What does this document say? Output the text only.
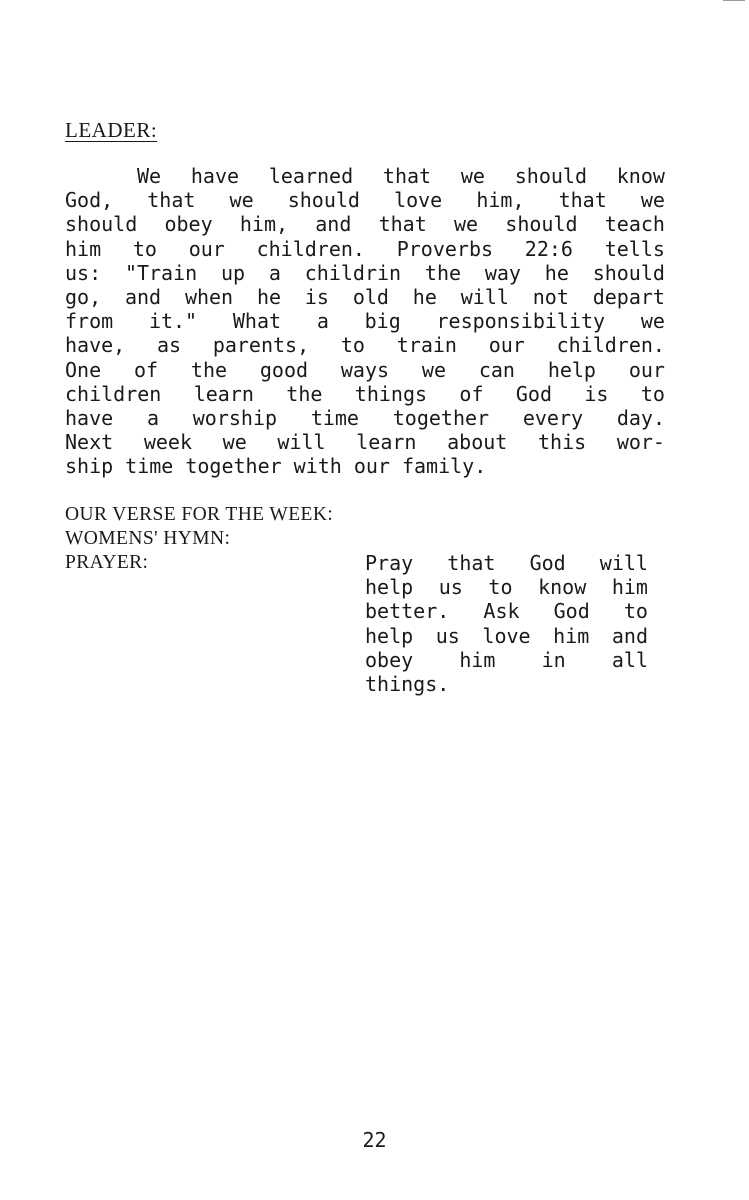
LEADER:
We have learned that we should know
God, that we should love him, that we
should obey him, and that we should teach
him to our children. Proverbs 22:6 tells
us: "Train up a childrin the way he should
go, and when he is old he will not depart
from it." What a big responsibility we
have, as parents, to train our children.
One of the good ways we can help our
children learn the things of God is to
have a worship time together every day.
Next week we will learn about this wor-
ship time together with our family.
OUR VERSE FOR THE WEEK:
WOMENS' HYMN:
PRAYER:	Pray that God will
help us to know him
better. Ask God to
help us love him and
obey him in all
things.
22
